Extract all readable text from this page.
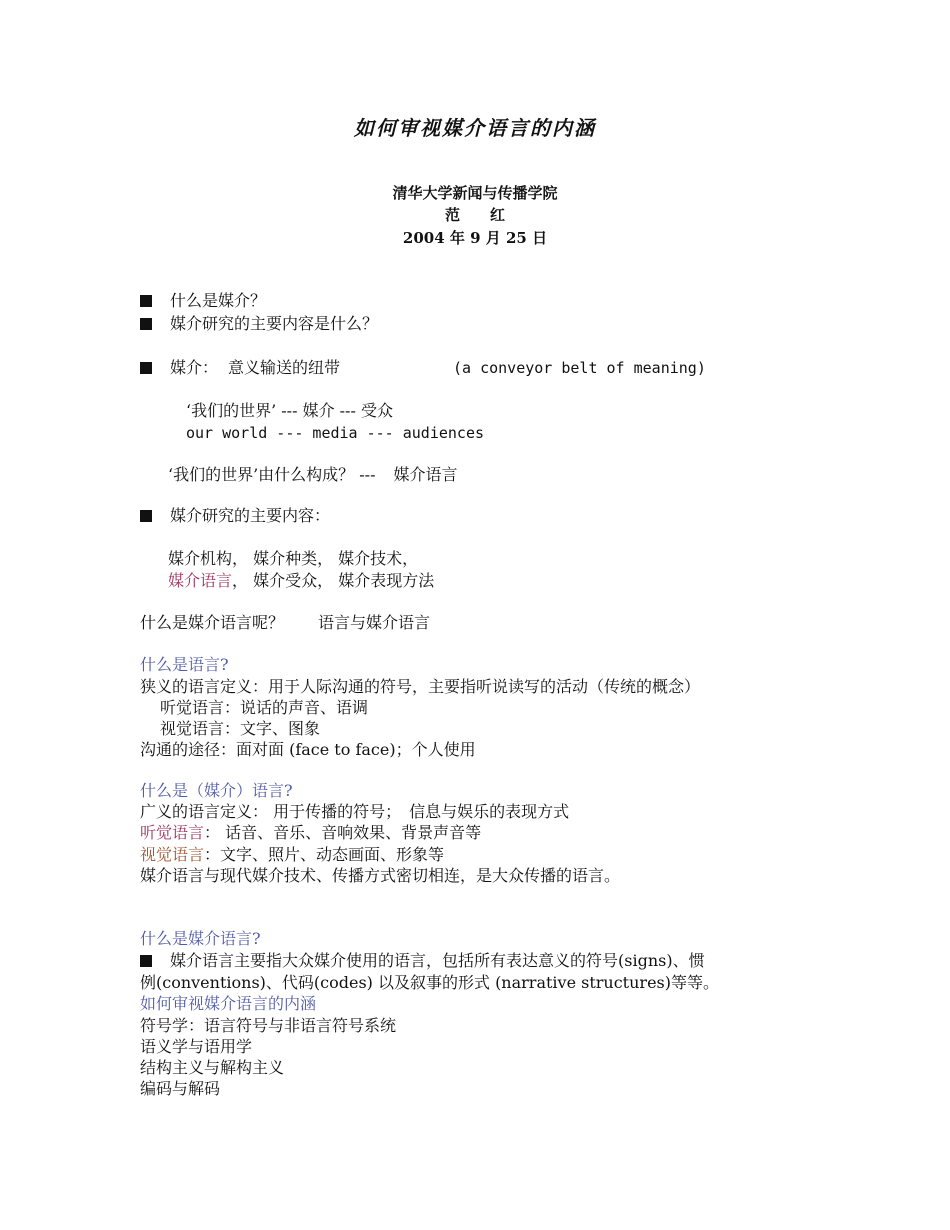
如何审视媒介语言的内涵
清华大学新闻与传播学院
范　　红
2004 年 9 月 25 日
什么是媒介？
媒介研究的主要内容是什么？
媒介： 意义输送的纽带	(a conveyor belt of meaning)
‘我们的世界’ --- 媒介 --- 受众
our world --- media --- audiences
‘我们的世界’由什么构成？ --- 媒介语言
媒介研究的主要内容：
媒介机构， 媒介种类， 媒介技术，
媒介语言， 媒介受众， 媒介表现方法
什么是媒介语言呢？ 语言与媒介语言
什么是语言?
狭义的语言定义：用于人际沟通的符号，主要指听说读写的活动（传统的概念）
听觉语言：说话的声音、语调
视觉语言：文字、图象
沟通的途径：面对面 (face to face)；个人使用
什么是（媒介）语言?
广义的语言定义： 用于传播的符号；　信息与娱乐的表现方式
听觉语言： 话音、音乐、音响效果、背景声音等
视觉语言：文字、照片、动态画面、形象等
媒介语言与现代媒介技术、传播方式密切相连，是大众传播的语言。
什么是媒介语言?
媒介语言主要指大众媒介使用的语言，包括所有表达意义的符号(signs)、惯
例(conventions)、代码(codes) 以及叙事的形式 (narrative structures)等等。
如何审视媒介语言的内涵
符号学：语言符号与非语言符号系统
语义学与语用学
结构主义与解构主义
编码与解码
